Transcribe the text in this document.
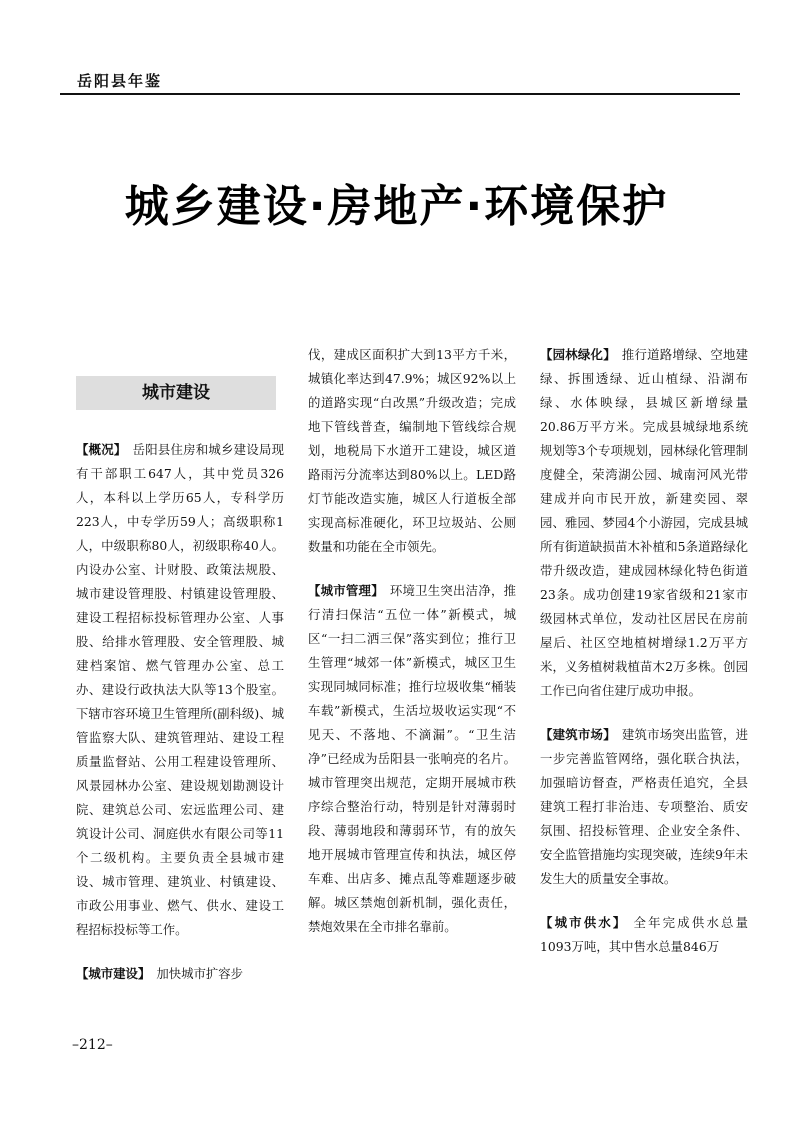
岳阳县年鉴
城乡建设·房地产·环境保护
城市建设

【概况】 岳阳县住房和城乡建设局现有干部职工647人，其中党员326人，本科以上学历65人，专科学历223人，中专学历59人；高级职称1人，中级职称80人，初级职称40人。内设办公室、计财股、政策法规股、城市建设管理股、村镇建设管理股、建设工程招标投标管理办公室、人事股、给排水管理股、安全管理股、城建档案馆、燃气管理办公室、总工办、建设行政执法大队等13个股室。下辖市容环境卫生管理所(副科级)、城管监察大队、建筑管理站、建设工程质量监督站、公用工程建设管理所、风景园林办公室、建设规划勘测设计院、建筑总公司、宏远监理公司、建筑设计公司、洞庭供水有限公司等11个二级机构。主要负责全县城市建设、城市管理、建筑业、村镇建设、市政公用事业、燃气、供水、建设工程招标投标等工作。

【城市建设】 加快城市扩容步

伐，建成区面积扩大到13平方千米，城镇化率达到47.9%；城区92%以上的道路实现“白改黑”升级改造；完成地下管线普查，编制地下管线综合规划，地税局下水道开工建设，城区道路雨污分流率达到80%以上。LED路灯节能改造实施，城区人行道板全部实现高标准硬化，环卫垃圾站、公厕数量和功能在全市领先。

【城市管理】 环境卫生突出洁净，推行清扫保洁“五位一体”新模式，城区“一扫二洒三保”落实到位；推行卫生管理“城郊一体”新模式，城区卫生实现同城同标准；推行垃圾收集“桶装车载”新模式，生活垃圾收运实现“不见天、不落地、不滴漏”。“卫生洁净”已经成为岳阳县一张响亮的名片。城市管理突出规范，定期开展城市秩序综合整治行动，特别是针对薄弱时段、薄弱地段和薄弱环节，有的放矢地开展城市管理宣传和执法，城区停车难、出店多、摊点乱等难题逐步破解。城区禁炮创新机制，强化责任，禁炮效果在全市排名靠前。

【园林绿化】 推行道路增绿、空地建绿、拆围透绿、近山植绿、沿湖布绿、水体映绿，县城区新增绿量20.86万平方米。完成县城绿地系统规划等3个专项规划，园林绿化管理制度健全，荣湾湖公园、城南河风光带建成并向市民开放，新建奕园、翠园、雅园、梦园4个小游园，完成县城所有街道缺损苗木补植和5条道路绿化带升级改造，建成园林绿化特色街道23条。成功创建19家省级和21家市级园林式单位，发动社区居民在房前屋后、社区空地植树增绿1.2万平方米，义务植树栽植苗木2万多株。创园工作已向省住建厅成功申报。

【建筑市场】 建筑市场突出监管，进一步完善监管网络，强化联合执法，加强暗访督查，严格责任追究，全县建筑工程打非治违、专项整治、质安氛围、招投标管理、企业安全条件、安全监管措施均实现突破，连续9年未发生大的质量安全事故。

【城市供水】 全年完成供水总量1093万吨，其中售水总量846万

–212–
